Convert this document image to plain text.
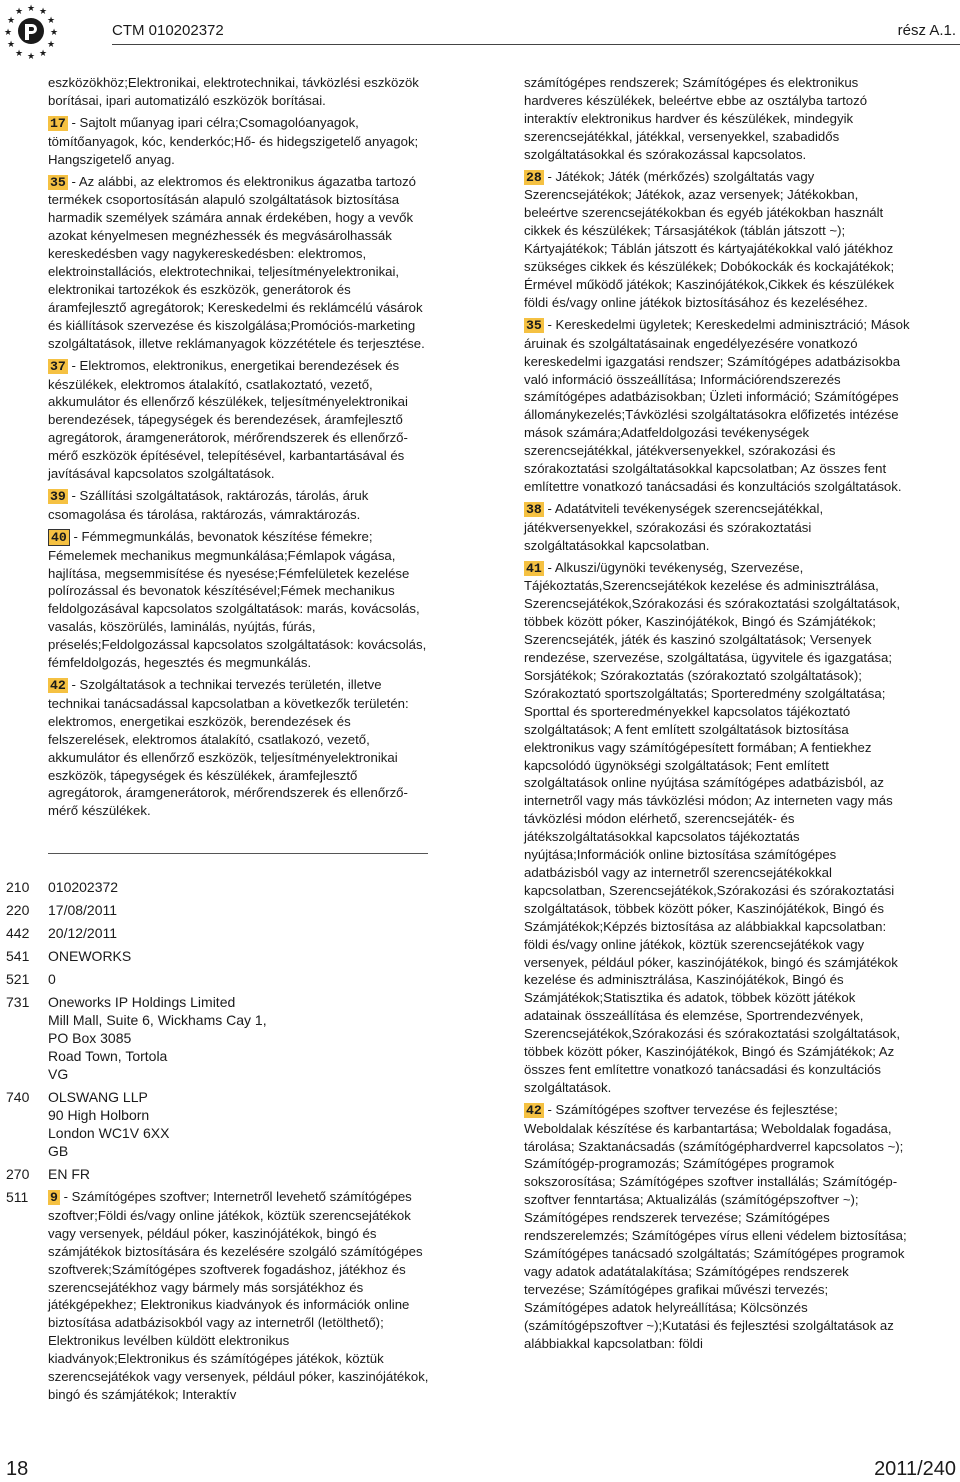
★ ★
★
★
★
★
★
★
★
★
★
★
CTM 010202372	rész A.1.

eszközökhöz;Elektronikai, elektrotechnikai, távközlési eszközök borításai, ipari automatizáló eszközök borításai.

17 - Sajtolt műanyag ipari célra;Csomagolóanyagok, tömítőanyagok, kóc, kenderkóc;Hő- és hidegszigetelő anyagok; Hangszigetelő anyag.

35 - Az alábbi, az elektromos és elektronikus ágazatba tartozó termékek csoportosításán alapuló szolgáltatások biztosítása harmadik személyek számára annak érdekében, hogy a vevők azokat kényelmesen megnézhessék és megvásárolhassák kereskedésben vagy nagykereskedésben: elektromos, elektroinstallációs, elektrotechnikai, teljesítményelektronikai, elektronikai tartozékok és eszközök, generátorok és áramfejlesztő agregátorok; Kereskedelmi és reklámcélú vásárok és kiállítások szervezése és kiszolgálása;Promóciós-marketing szolgáltatások, illetve reklámanyagok közzététele és terjesztése.

37 - Elektromos, elektronikus, energetikai berendezések és készülékek, elektromos átalakító, csatlakoztató, vezető, akkumulátor és ellenőrző készülékek, teljesítményelektronikai berendezések, tápegységek és berendezések, áramfejlesztő agregátorok, áramgenerátorok, mérőrendszerek és ellenőrző-mérő eszközök építésével, telepítésével, karbantartásával és javításával kapcsolatos szolgáltatások.

39 - Szállítási szolgáltatások, raktározás, tárolás, áruk csomagolása és tárolása, raktározás, vámraktározás.

40 - Fémmegmunkálás, bevonatok készítése fémekre; Fémelemek mechanikus megmunkálása;Fémlapok vágása, hajlítása, megsemmisítése és nyesése;Fémfelületek kezelése polírozással és bevonatok készítésével;Fémek mechanikus feldolgozásával kapcsolatos szolgáltatások: marás, kovácsolás, vasalás, köszörülés, laminálás, nyújtás, fúrás, préselés;Feldolgozással kapcsolatos szolgáltatások: kovácsolás, fémfeldolgozás, hegesztés és megmunkálás.

42 - Szolgáltatások a technikai tervezés területén, illetve technikai tanácsadással kapcsolatban a következők területén: elektromos, energetikai eszközök, berendezések és felszerelések, elektromos átalakító, csatlakozó, vezető, akkumulátor és ellenőrző eszközök, teljesítményelektronikai eszközök, tápegységek és készülékek, áramfejlesztő agregátorok, áramgenerátorok, mérőrendszerek és ellenőrző-mérő készülékek.

210	010202372
220	17/08/2011
442	20/12/2011
541	ONEWORKS
521	0
731	Oneworks IP Holdings Limited
Mill Mall, Suite 6, Wickhams Cay 1,
PO Box 3085
Road Town, Tortola
VG
740	OLSWANG LLP
90 High Holborn
London WC1V 6XX
GB
270	EN FR
511	9 - Számítógépes szoftver; Internetről levehető számítógépes szoftver;Földi és/vagy online játékok, köztük szerencsejátékok vagy versenyek, például póker, kaszinójátékok, bingó és számjátékok biztosítására és kezelésére szolgáló számítógépes szoftverek;Számítógépes szoftverek fogadáshoz, játékhoz és szerencsejátékhoz vagy bármely más sorsjátékhoz és játékgépekhez; Elektronikus kiadványok és információk online biztosítása adatbázisokból vagy az internetről (letölthető); Elektronikus levélben küldött elektronikus kiadványok;Elektronikus és számítógépes játékok, köztük szerencsejátékok vagy versenyek, például póker, kaszinójátékok, bingó és számjátékok; Interaktív

számítógépes rendszerek; Számítógépes és elektronikus hardveres készülékek, beleértve ebbe az osztályba tartozó interaktív elektronikus hardver és készülékek, mindegyik szerencsejátékkal, játékkal, versenyekkel, szabadidős szolgáltatásokkal és szórakozással kapcsolatos.

28 - Játékok; Játék (mérkőzés) szolgáltatás vagy Szerencsejátékok; Játékok, azaz versenyek; Játékokban, beleértve szerencsejátékokban és egyéb játékokban használt cikkek és készülékek; Társasjátékok (táblán játszott ~); Kártyajátékok; Táblán játszott és kártyajátékokkal való játékhoz szükséges cikkek és készülékek; Dobókockák és kockajátékok; Érmével működő játékok; Kaszinójátékok,Cikkek és készülékek földi és/vagy online játékok biztosításához és kezeléséhez.

35 - Kereskedelmi ügyletek; Kereskedelmi adminisztráció; Mások áruinak és szolgáltatásainak engedélyezésére vonatkozó kereskedelmi igazgatási rendszer; Számítógépes adatbázisokba való információ összeállítása; Információrendszerezés számítógépes adatbázisokban; Üzleti információ; Számítógépes állománykezelés;Távközlési szolgáltatásokra előfizetés intézése mások számára;Adatfeldolgozási tevékenységek szerencsejátékkal, játékversenyekkel, szórakozási és szórakoztatási szolgáltatásokkal kapcsolatban; Az összes fent említettre vonatkozó tanácsadási és konzultációs szolgáltatások.

38 - Adatátviteli tevékenységek szerencsejátékkal, játékversenyekkel, szórakozási és szórakoztatási szolgáltatásokkal kapcsolatban.

41 - Alkuszi/ügynöki tevékenység, Szervezése, Tájékoztatás,Szerencsejátékok kezelése és adminisztrálása, Szerencsejátékok,Szórakozási és szórakoztatási szolgáltatások, többek között póker, Kaszinójátékok, Bingó és Számjátékok; Szerencsejáték, játék és kaszinó szolgáltatások; Versenyek rendezése, szervezése, szolgáltatása, ügyvitele és igazgatása; Sorsjátékok; Szórakoztatás (szórakoztató szolgáltatások); Szórakoztató sportszolgáltatás; Sporteredmény szolgáltatása; Sporttal és sporteredményekkel kapcsolatos tájékoztató szolgáltatások; A fent említett szolgáltatások biztosítása elektronikus vagy számítógépesített formában; A fentiekhez kapcsolódó ügynökségi szolgáltatások; Fent említett szolgáltatások online nyújtása számítógépes adatbázisból, az internetről vagy más távközlési módon; Az interneten vagy más távközlési módon elérhető, szerencsejáték- és játékszolgáltatásokkal kapcsolatos tájékoztatás nyújtása;Információk online biztosítása számítógépes adatbázisból vagy az internetről szerencsejátékokkal kapcsolatban, Szerencsejátékok,Szórakozási és szórakoztatási szolgáltatások, többek között póker, Kaszinójátékok, Bingó és Számjátékok;Képzés biztosítása az alábbiakkal kapcsolatban: földi és/vagy online játékok, köztük szerencsejátékok vagy versenyek, például póker, kaszinójátékok, bingó és számjátékok kezelése és adminisztrálása, Kaszinójátékok, Bingó és Számjátékok;Statisztika és adatok, többek között játékok adatainak összeállítása és elemzése, Sportrendezvények, Szerencsejátékok,Szórakozási és szórakoztatási szolgáltatások, többek között póker, Kaszinójátékok, Bingó és Számjátékok; Az összes fent említettre vonatkozó tanácsadási és konzultációs szolgáltatások.

42 - Számítógépes szoftver tervezése és fejlesztése; Weboldalak készítése és karbantartása; Weboldalak fogadása, tárolása; Szaktanácsadás (számítógéphardverrel kapcsolatos ~); Számítógép-programozás; Számítógépes programok sokszorosítása; Számítógépes szoftver installálás; Számítógép-szoftver fenntartása; Aktualizálás (számítógépszoftver ~); Számítógépes rendszerek tervezése; Számítógépes rendszerelemzés; Számítógépes vírus elleni védelem biztosítása; Számítógépes tanácsadó szolgáltatás; Számítógépes programok vagy adatok adatátalakítása; Számítógépes rendszerek tervezése; Számítógépes grafikai művészi tervezés; Számítógépes adatok helyreállítása; Kölcsönzés (számítógépszoftver ~);Kutatási és fejlesztési szolgáltatások az alábbiakkal kapcsolatban: földi

18	2011/240
